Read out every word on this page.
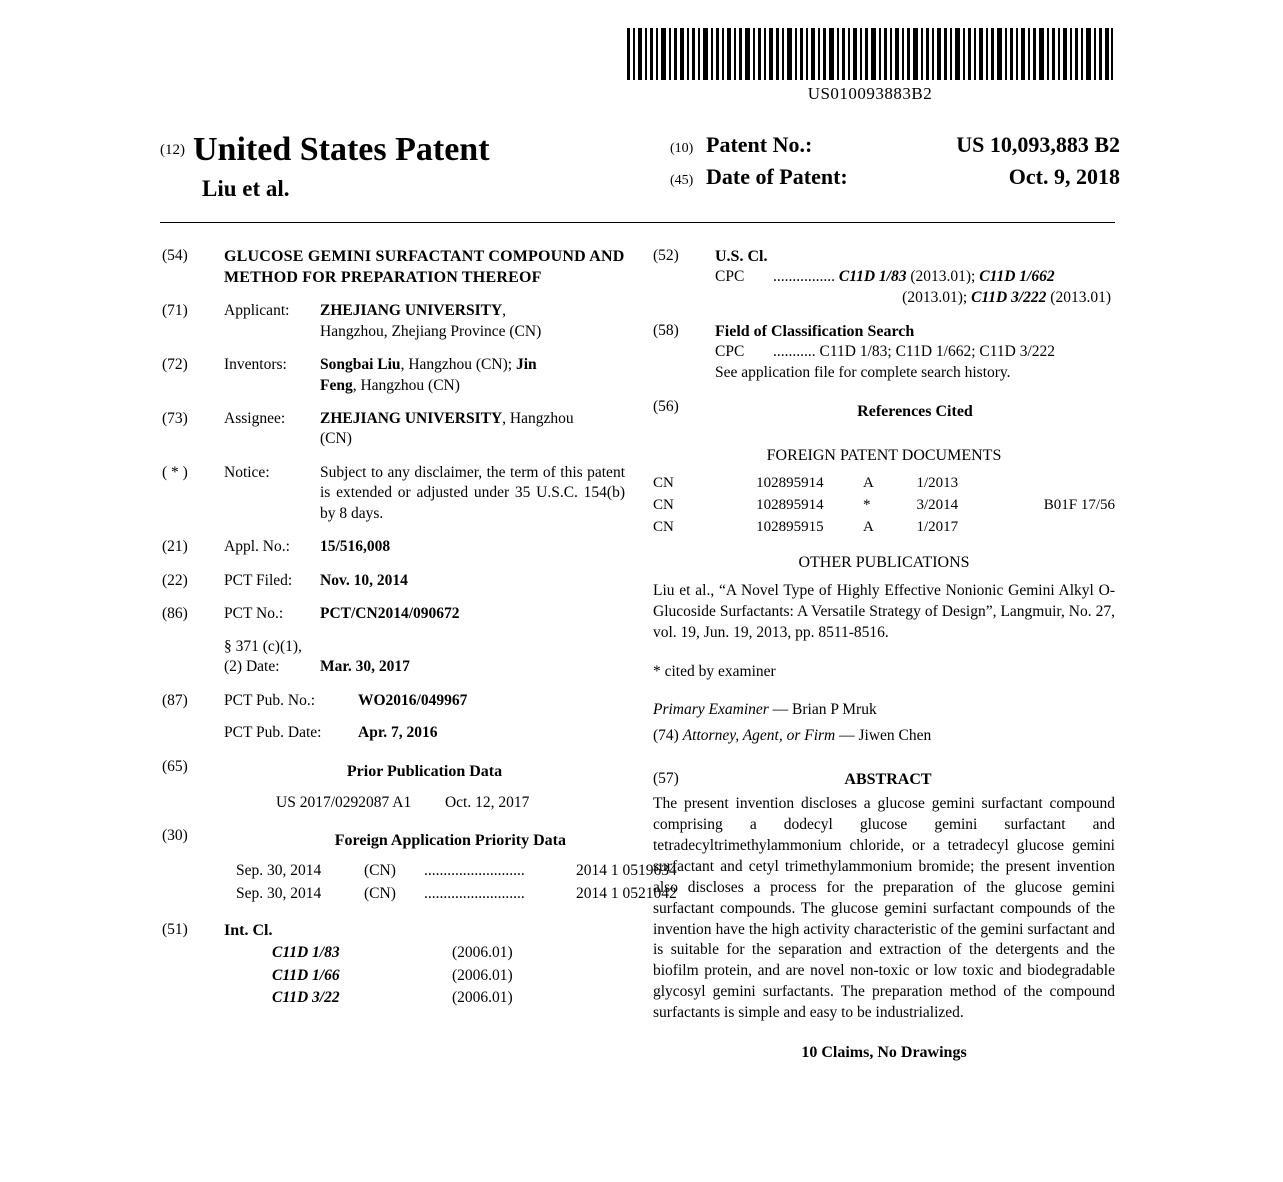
US010093883B2
(12) United States Patent
Liu et al.
(10) Patent No.:	US 10,093,883 B2
(45) Date of Patent:	Oct. 9, 2018
(54)	GLUCOSE GEMINI SURFACTANT COMPOUND AND METHOD FOR PREPARATION THEREOF
(71)	Applicant:	ZHEJIANG UNIVERSITY,
Hangzhou, Zhejiang Province (CN)
(72)	Inventors:	Songbai Liu, Hangzhou (CN); Jin
Feng, Hangzhou (CN)
(73)	Assignee:	ZHEJIANG UNIVERSITY, Hangzhou
(CN)
( * )	Notice:	Subject to any disclaimer, the term of this patent is extended or adjusted under 35 U.S.C. 154(b) by 8 days.
(21)	Appl. No.:	15/516,008
(22)	PCT Filed:	Nov. 10, 2014
(86)	PCT No.:	PCT/CN2014/090672
§ 371 (c)(1),
(2) Date:	Mar. 30, 2017
(87)	PCT Pub. No.:	WO2016/049967
PCT Pub. Date:	Apr. 7, 2016
(65)	Prior Publication Data
US 2017/0292087 A1 Oct. 12, 2017
(30)	Foreign Application Priority Data
Sep. 30, 2014	(CN)	..........................	2014 1 0519634
Sep. 30, 2014	(CN)	..........................	2014 1 0521042
(51)	Int. Cl.
C11D 1/83	(2006.01)
C11D 1/66	(2006.01)
C11D 3/22	(2006.01)
(52)	U.S. Cl.
CPC	................ C11D 1/83 (2013.01); C11D 1/662
(2013.01); C11D 3/222 (2013.01)
(58)	Field of Classification Search
CPC	........... C11D 1/83; C11D 1/662; C11D 3/222
See application file for complete search history.
(56)	References Cited
FOREIGN PATENT DOCUMENTS
CN	102895914	A	1/2013
CN	102895914	*	3/2014	B01F 17/56
CN	102895915	A	1/2017
OTHER PUBLICATIONS
Liu et al., “A Novel Type of Highly Effective Nonionic Gemini Alkyl O-Glucoside Surfactants: A Versatile Strategy of Design”, Langmuir, No. 27, vol. 19, Jun. 19, 2013, pp. 8511-8516.
* cited by examiner
Primary Examiner — Brian P Mruk
(74) Attorney, Agent, or Firm — Jiwen Chen
(57)	ABSTRACT
The present invention discloses a glucose gemini surfactant compound comprising a dodecyl glucose gemini surfactant and tetradecyltrimethylammonium chloride, or a tetradecyl glucose gemini surfactant and cetyl trimethylammonium bromide; the present invention also discloses a process for the preparation of the glucose gemini surfactant compounds. The glucose gemini surfactant compounds of the invention have the high activity characteristic of the gemini surfactant and is suitable for the separation and extraction of the detergents and the biofilm protein, and are novel non-toxic or low toxic and biodegradable glycosyl gemini surfactants. The preparation method of the compound surfactants is simple and easy to be industrialized.
10 Claims, No Drawings
